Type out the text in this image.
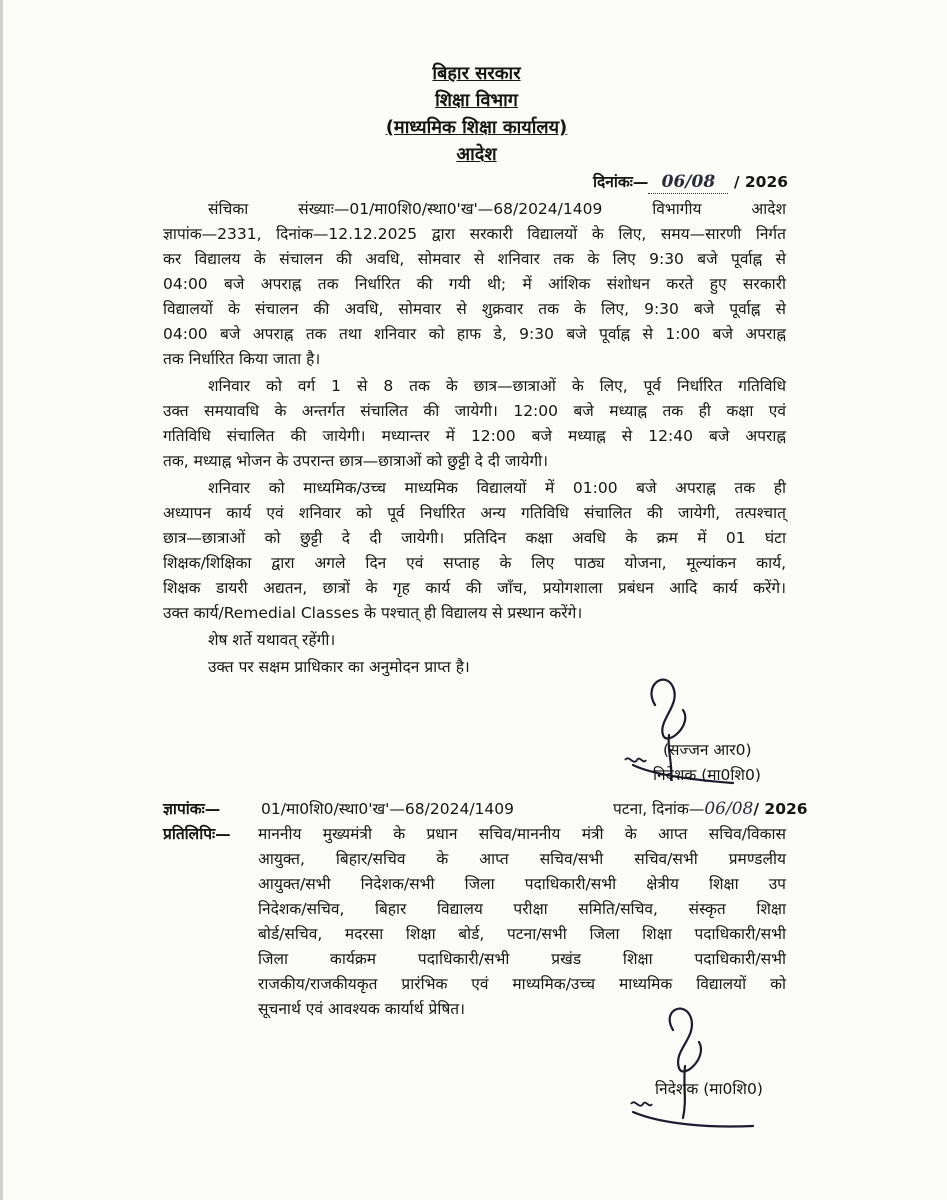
बिहार सरकार
शिक्षा विभाग
(माध्यमिक शिक्षा कार्यालय)
आदेश
दिनांकः— 06/08 / 2026
संचिका संख्याः—01/मा0शि0/स्था0'ख'—68/2024/1409 विभागीय आदेश
ज्ञापांक—2331, दिनांक—12.12.2025 द्वारा सरकारी विद्यालयों के लिए, समय—सारणी निर्गत
कर विद्यालय के संचालन की अवधि, सोमवार से शनिवार तक के लिए 9:30 बजे पूर्वाह्न से
04:00 बजे अपराह्न तक निर्धारित की गयी थी; में आंशिक संशोधन करते हुए सरकारी
विद्यालयों के संचालन की अवधि, सोमवार से शुक्रवार तक के लिए, 9:30 बजे पूर्वाह्न से
04:00 बजे अपराह्न तक तथा शनिवार को हाफ डे, 9:30 बजे पूर्वाह्न से 1:00 बजे अपराह्न
तक निर्धारित किया जाता है।
शनिवार को वर्ग 1 से 8 तक के छात्र—छात्राओं के लिए, पूर्व निर्धारित गतिविधि
उक्त समयावधि के अन्तर्गत संचालित की जायेगी। 12:00 बजे मध्याह्न तक ही कक्षा एवं
गतिविधि संचालित की जायेगी। मध्यान्तर में 12:00 बजे मध्याह्न से 12:40 बजे अपराह्न
तक, मध्याह्न भोजन के उपरान्त छात्र—छात्राओं को छुट्टी दे दी जायेगी।
शनिवार को माध्यमिक/उच्च माध्यमिक विद्यालयों में 01:00 बजे अपराह्न तक ही
अध्यापन कार्य एवं शनिवार को पूर्व निर्धारित अन्य गतिविधि संचालित की जायेगी, तत्पश्चात्
छात्र—छात्राओं को छुट्टी दे दी जायेगी। प्रतिदिन कक्षा अवधि के क्रम में 01 घंटा
शिक्षक/शिक्षिका द्वारा अगले दिन एवं सप्ताह के लिए पाठ्य योजना, मूल्यांकन कार्य,
शिक्षक डायरी अद्यतन, छात्रों के गृह कार्य की जाँच, प्रयोगशाला प्रबंधन आदि कार्य करेंगे।
उक्त कार्य/Remedial Classes के पश्चात् ही विद्यालय से प्रस्थान करेंगे।
शेष शर्ते यथावत् रहेंगी।
उक्त पर सक्षम प्राधिकार का अनुमोदन प्राप्त है।
(सज्जन आर0)
निदेशक (मा0शि0)
ज्ञापांकः—	01/मा0शि0/स्था0'ख'—68/2024/1409	पटना, दिनांक—06/08/ 2026
प्रतिलिपिः— माननीय मुख्यमंत्री के प्रधान सचिव/माननीय मंत्री के आप्त सचिव/विकास
आयुक्त, बिहार/सचिव के आप्त सचिव/सभी सचिव/सभी प्रमण्डलीय
आयुक्त/सभी निदेशक/सभी जिला पदाधिकारी/सभी क्षेत्रीय शिक्षा उप
निदेशक/सचिव, बिहार विद्यालय परीक्षा समिति/सचिव, संस्कृत शिक्षा
बोर्ड/सचिव, मदरसा शिक्षा बोर्ड, पटना/सभी जिला शिक्षा पदाधिकारी/सभी
जिला कार्यक्रम पदाधिकारी/सभी प्रखंड शिक्षा पदाधिकारी/सभी
राजकीय/राजकीयकृत प्रारंभिक एवं माध्यमिक/उच्च माध्यमिक विद्यालयों को
सूचनार्थ एवं आवश्यक कार्यार्थ प्रेषित।
निदेशक (मा0शि0)
